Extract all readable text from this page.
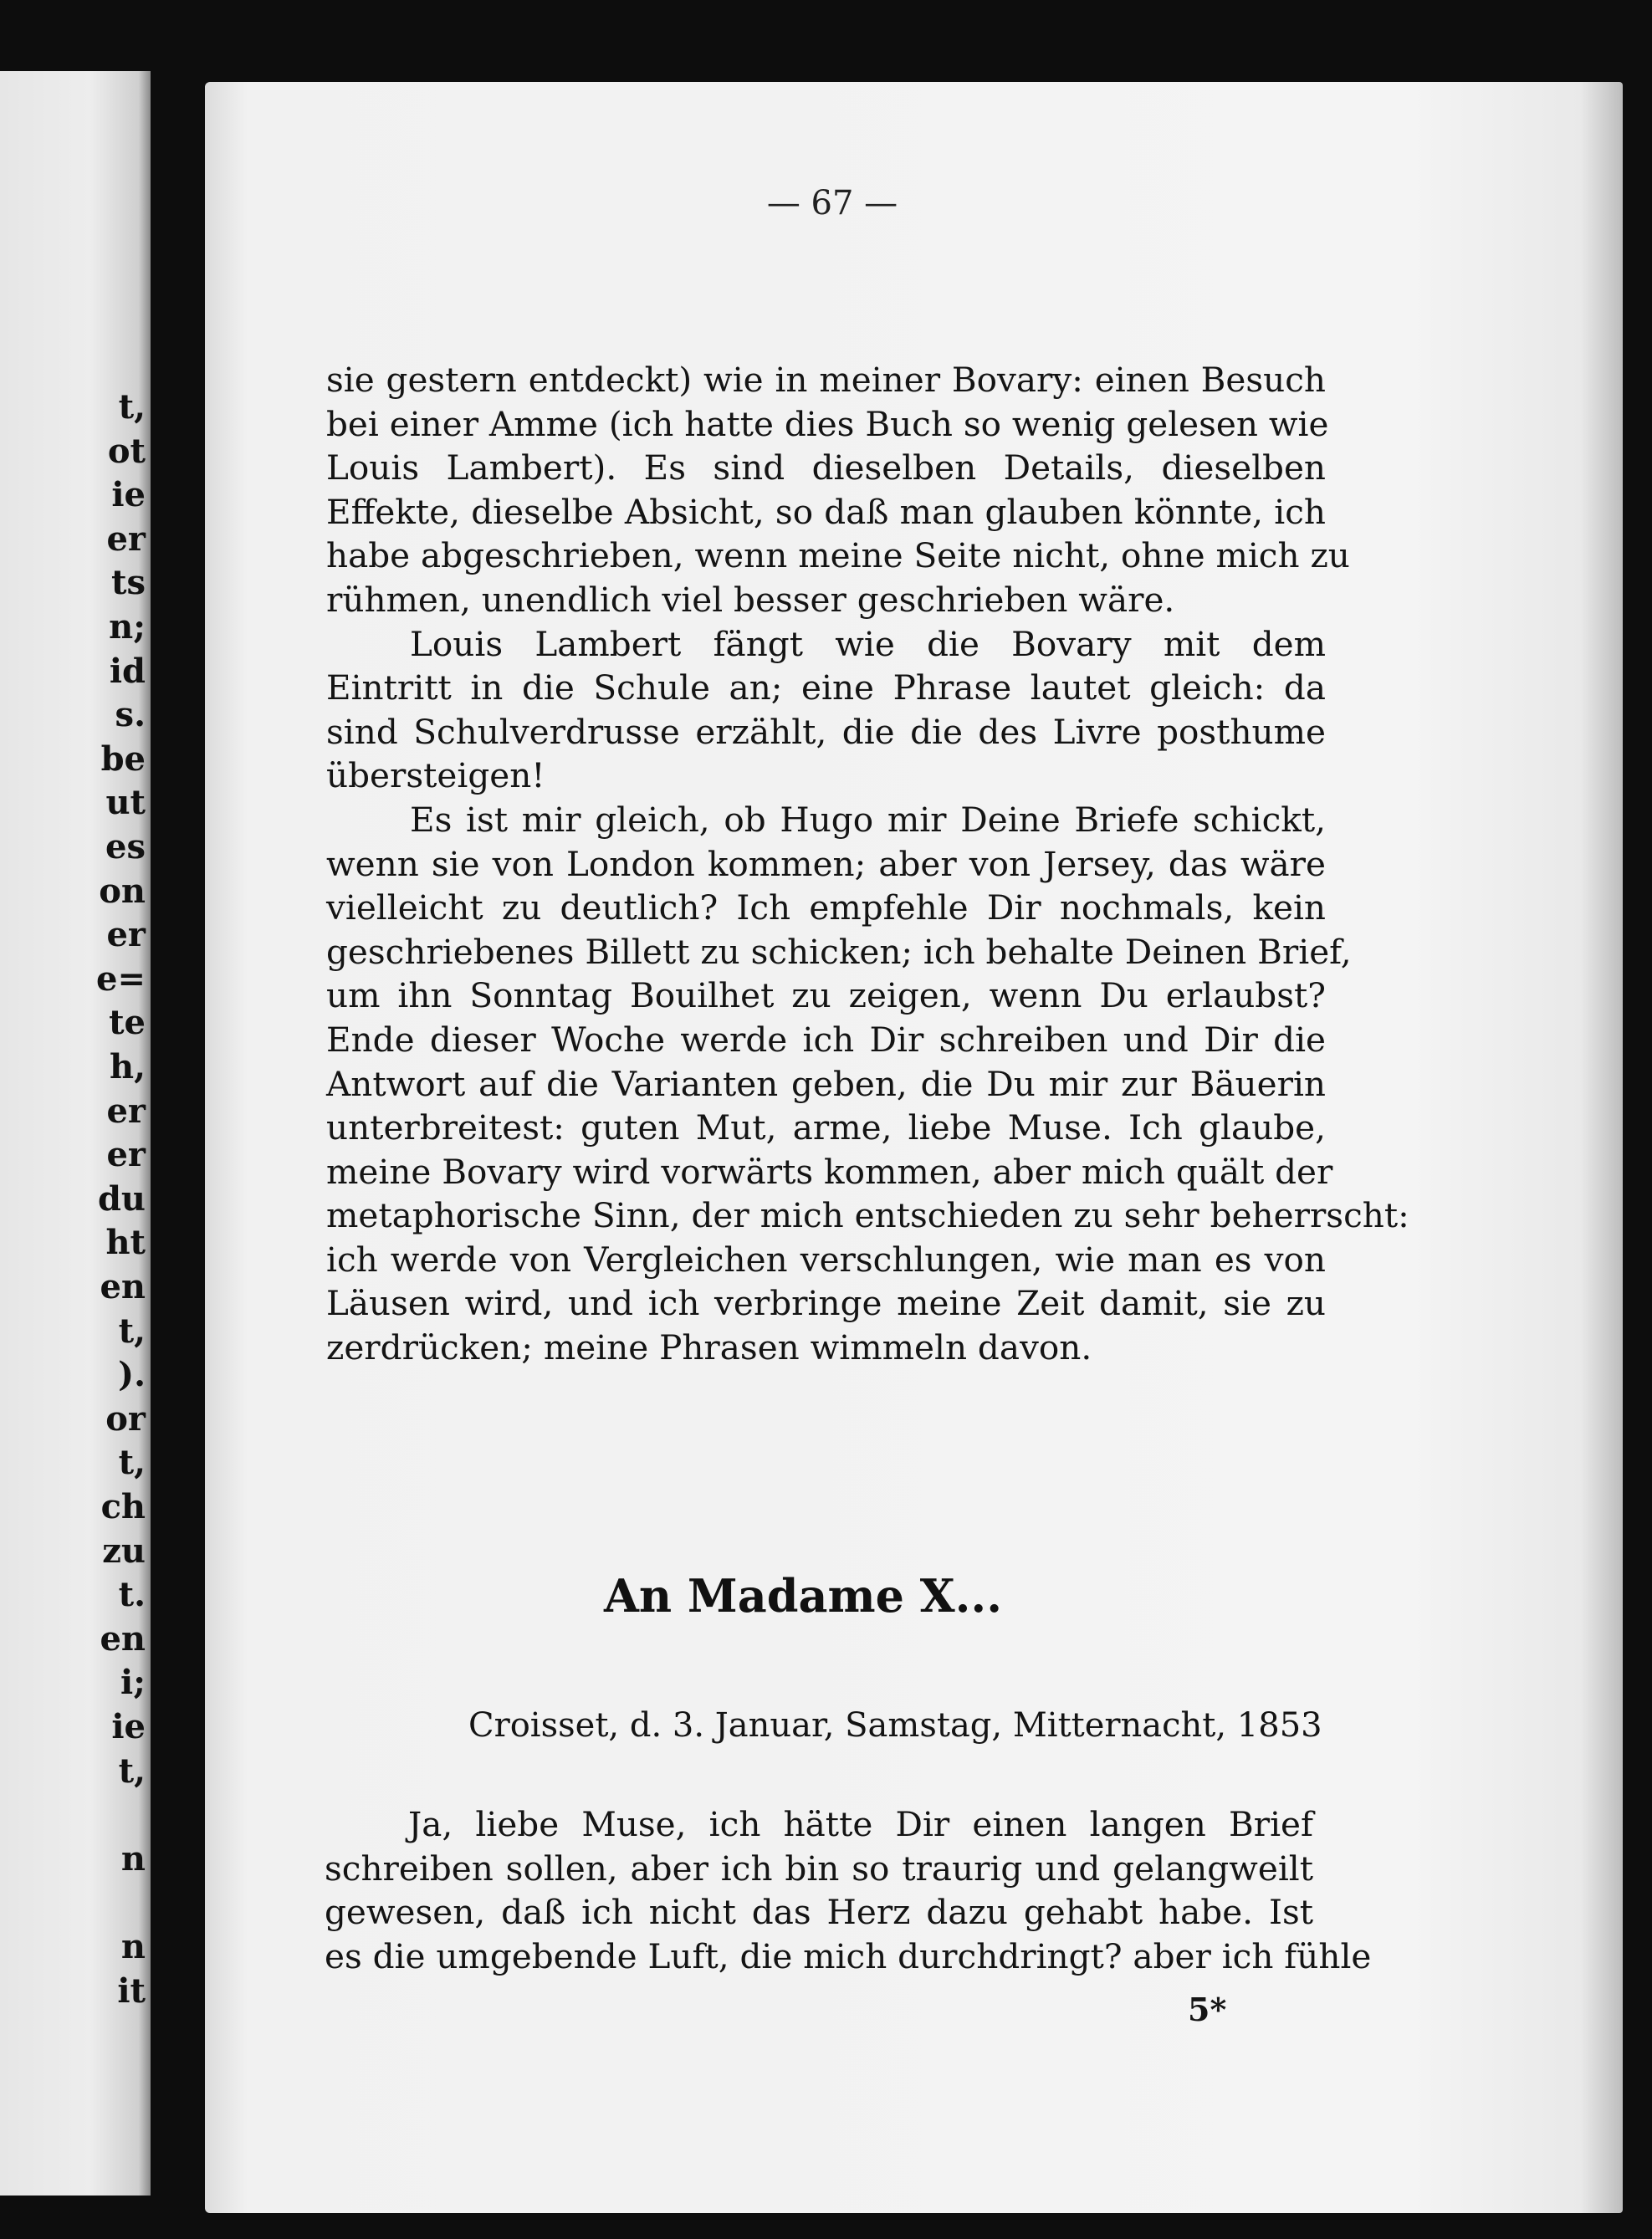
t,
ot
ie
er
ts
n;
id
s.
be
ut
es
on
er
e=
te
h,
er
er
du
ht
en
t,
).
or
t,
ch
zu
t.
en
i;
ie
t,
n
n
it
— 67 —
sie gestern entdeckt) wie in meiner Bovary: einen Besuch
bei einer Amme (ich hatte dies Buch so wenig gelesen wie
Louis Lambert). Es sind dieselben Details, dieselben
Effekte, dieselbe Absicht, so daß man glauben könnte, ich
habe abgeschrieben, wenn meine Seite nicht, ohne mich zu
rühmen, unendlich viel besser geschrieben wäre.
Louis Lambert fängt wie die Bovary mit dem
Eintritt in die Schule an; eine Phrase lautet gleich: da
sind Schulverdrusse erzählt, die die des Livre posthume
übersteigen!
Es ist mir gleich, ob Hugo mir Deine Briefe schickt,
wenn sie von London kommen; aber von Jersey, das wäre
vielleicht zu deutlich? Ich empfehle Dir nochmals, kein
geschriebenes Billett zu schicken; ich behalte Deinen Brief,
um ihn Sonntag Bouilhet zu zeigen, wenn Du erlaubst?
Ende dieser Woche werde ich Dir schreiben und Dir die
Antwort auf die Varianten geben, die Du mir zur Bäuerin
unterbreitest: guten Mut, arme, liebe Muse. Ich glaube,
meine Bovary wird vorwärts kommen, aber mich quält der
metaphorische Sinn, der mich entschieden zu sehr beherrscht:
ich werde von Vergleichen verschlungen, wie man es von
Läusen wird, und ich verbringe meine Zeit damit, sie zu
zerdrücken; meine Phrasen wimmeln davon.
An Madame X...
Croisset, d. 3. Januar, Samstag, Mitternacht, 1853
Ja, liebe Muse, ich hätte Dir einen langen Brief
schreiben sollen, aber ich bin so traurig und gelangweilt
gewesen, daß ich nicht das Herz dazu gehabt habe. Ist
es die umgebende Luft, die mich durchdringt? aber ich fühle
5*
